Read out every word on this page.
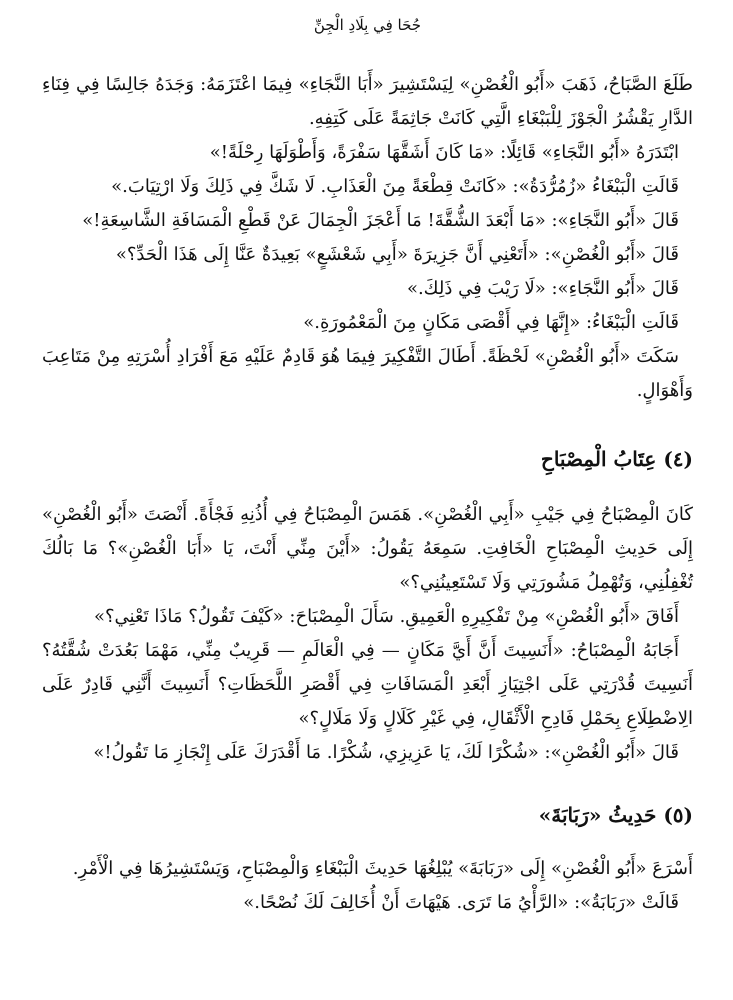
جُحَا فِي بِلَادِ الْجِنِّ

طَلَعَ الصَّبَاحُ، ذَهَبَ «أَبُو الْغُصْنِ» لِيَسْتَشِيرَ «أَبَا النَّجَاءِ» فِيمَا اعْتَزَمَهُ: وَجَدَهُ جَالِسًا فِي فِنَاءِ الدَّارِ يَقْشُرُ الْجَوْزَ لِلْبَبْغَاءِ الَّتِي كَانَتْ جَاثِمَةً عَلَى كَتِفِهِ.

ابْتَدَرَهُ «أَبُو النَّجَاءِ» قَائِلًا: «مَا كَانَ أَشَقَّهَا سَفْرَةً، وَأَطْوَلَهَا رِحْلَةً!»

قَالَتِ الْبَبْغَاءُ «زُمُرُّدَةُ»: «كَانَتْ قِطْعَةً مِنَ الْعَذَابِ. لَا شَكَّ فِي ذَلِكَ وَلَا ارْتِيَابَ.»

قَالَ «أَبُو النَّجَاءِ»: «مَا أَبْعَدَ الشُّقَّةَ! مَا أَعْجَزَ الْجِمَالَ عَنْ قَطْعِ الْمَسَافَةِ الشَّاسِعَةِ!»

قَالَ «أَبُو الْغُصْنِ»: «أَتَعْنِي أَنَّ جَزِيرَةَ «أَبِي شَعْشَعٍ» بَعِيدَةٌ عَنَّا إِلَى هَذَا الْحَدِّ؟»

قَالَ «أَبُو النَّجَاءِ»: «لَا رَيْبَ فِي ذَلِكَ.»

قَالَتِ الْبَبْغَاءُ: «إِنَّهَا فِي أَقْصَى مَكَانٍ مِنَ الْمَعْمُورَةِ.»

سَكَتَ «أَبُو الْغُصْنِ» لَحْظَةً. أَطَالَ التَّفْكِيرَ فِيمَا هُوَ قَادِمٌ عَلَيْهِ مَعَ أَفْرَادِ أُسْرَتِهِ مِنْ مَتَاعِبَ وَأَهْوَالٍ.

(٤) عِتَابُ الْمِصْبَاحِ

كَانَ الْمِصْبَاحُ فِي جَيْبِ «أَبِي الْغُصْنِ». هَمَسَ الْمِصْبَاحُ فِي أُذُنِهِ فَجْأَةً. أَنْصَتَ «أَبُو الْغُصْنِ» إِلَى حَدِيثِ الْمِصْبَاحِ الْخَافِتِ. سَمِعَهُ يَقُولُ: «أَيْنَ مِنِّي أَنْتَ، يَا «أَبَا الْغُصْنِ»؟ مَا بَالُكَ تُغْفِلُنِي، وَتُهْمِلُ مَشُورَتِي وَلَا تَسْتَعِينُنِي؟»

أَفَاقَ «أَبُو الْغُصْنِ» مِنْ تَفْكِيرِهِ الْعَمِيقِ. سَأَلَ الْمِصْبَاحَ: «كَيْفَ تَقُولُ؟ مَاذَا تَعْنِي؟»

أَجَابَهُ الْمِصْبَاحُ: «أَنَسِيتَ أَنَّ أَيَّ مَكَانٍ — فِي الْعَالَمِ — قَرِيبٌ مِنِّي، مَهْمَا بَعُدَتْ شُقَّتُهُ؟ أَنَسِيتَ قُدْرَتِي عَلَى اجْتِيَازِ أَبْعَدِ الْمَسَافَاتِ فِي أَقْصَرِ اللَّحَظَاتِ؟ أَنَسِيتَ أَنَّنِي قَادِرٌ عَلَى الِاضْطِلَاعِ بِحَمْلِ فَادِحِ الْأَثْقَالِ، فِي غَيْرِ كَلَالٍ وَلَا مَلَالٍ؟»

قَالَ «أَبُو الْغُصْنِ»: «شُكْرًا لَكَ، يَا عَزِيزِي، شُكْرًا. مَا أَقْدَرَكَ عَلَى إِنْجَازِ مَا تَقُولُ!»

(٥) حَدِيثُ «رَبَابَةَ»

أَسْرَعَ «أَبُو الْغُصْنِ» إِلَى «رَبَابَةَ» يُبْلِغُهَا حَدِيثَ الْبَبْغَاءِ وَالْمِصْبَاحِ، وَيَسْتَشِيرُهَا فِي الْأَمْرِ.

قَالَتْ «رَبَابَةُ»: «الرَّأْيُ مَا تَرَى. هَيْهَاتَ أَنْ أُخَالِفَ لَكَ نُصْحًا.»
